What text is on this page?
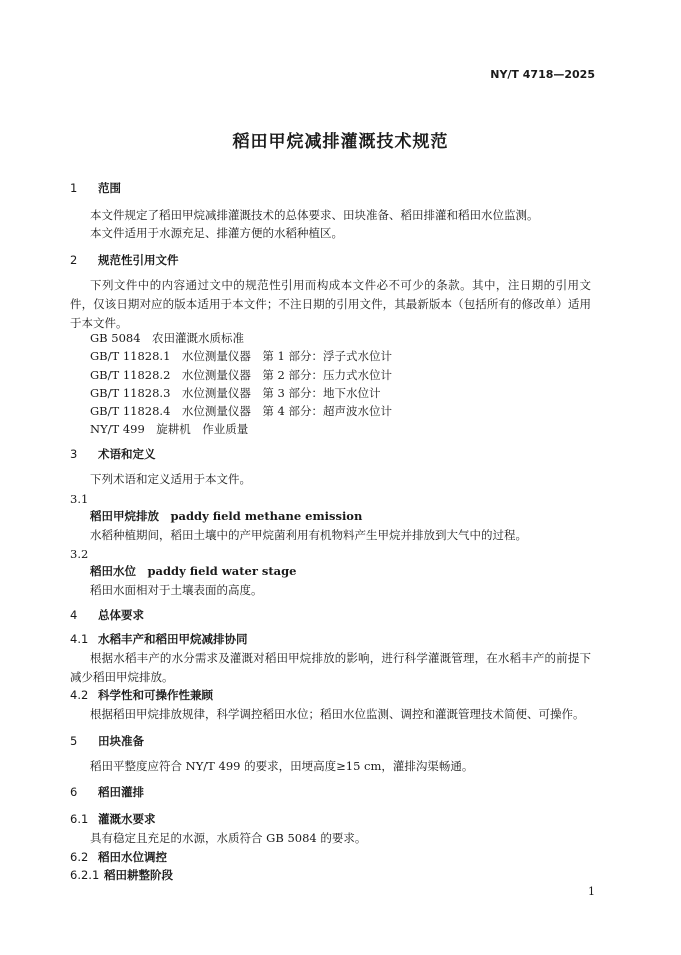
NY/T 4718—2025
稻田甲烷减排灌溉技术规范
1 范围
本文件规定了稻田甲烷减排灌溉技术的总体要求、田块准备、稻田排灌和稻田水位监测。
本文件适用于水源充足、排灌方便的水稻种植区。
2 规范性引用文件
下列文件中的内容通过文中的规范性引用而构成本文件必不可少的条款。其中，注日期的引用文件，仅该日期对应的版本适用于本文件；不注日期的引用文件，其最新版本（包括所有的修改单）适用于本文件。
GB 5084　农田灌溉水质标准
GB/T 11828.1　水位测量仪器　第 1 部分：浮子式水位计
GB/T 11828.2　水位测量仪器　第 2 部分：压力式水位计
GB/T 11828.3　水位测量仪器　第 3 部分：地下水位计
GB/T 11828.4　水位测量仪器　第 4 部分：超声波水位计
NY/T 499　旋耕机　作业质量
3 术语和定义
下列术语和定义适用于本文件。
3.1
稻田甲烷排放　paddy field methane emission
水稻种植期间，稻田土壤中的产甲烷菌利用有机物料产生甲烷并排放到大气中的过程。
3.2
稻田水位　paddy field water stage
稻田水面相对于土壤表面的高度。
4 总体要求
4.1 水稻丰产和稻田甲烷减排协同
根据水稻丰产的水分需求及灌溉对稻田甲烷排放的影响，进行科学灌溉管理，在水稻丰产的前提下减少稻田甲烷排放。
4.2 科学性和可操作性兼顾
根据稻田甲烷排放规律，科学调控稻田水位；稻田水位监测、调控和灌溉管理技术简便、可操作。
5 田块准备
稻田平整度应符合 NY/T 499 的要求，田埂高度≥15 cm，灌排沟渠畅通。
6 稻田灌排
6.1 灌溉水要求
具有稳定且充足的水源，水质符合 GB 5084 的要求。
6.2 稻田水位调控
6.2.1 稻田耕整阶段
1
